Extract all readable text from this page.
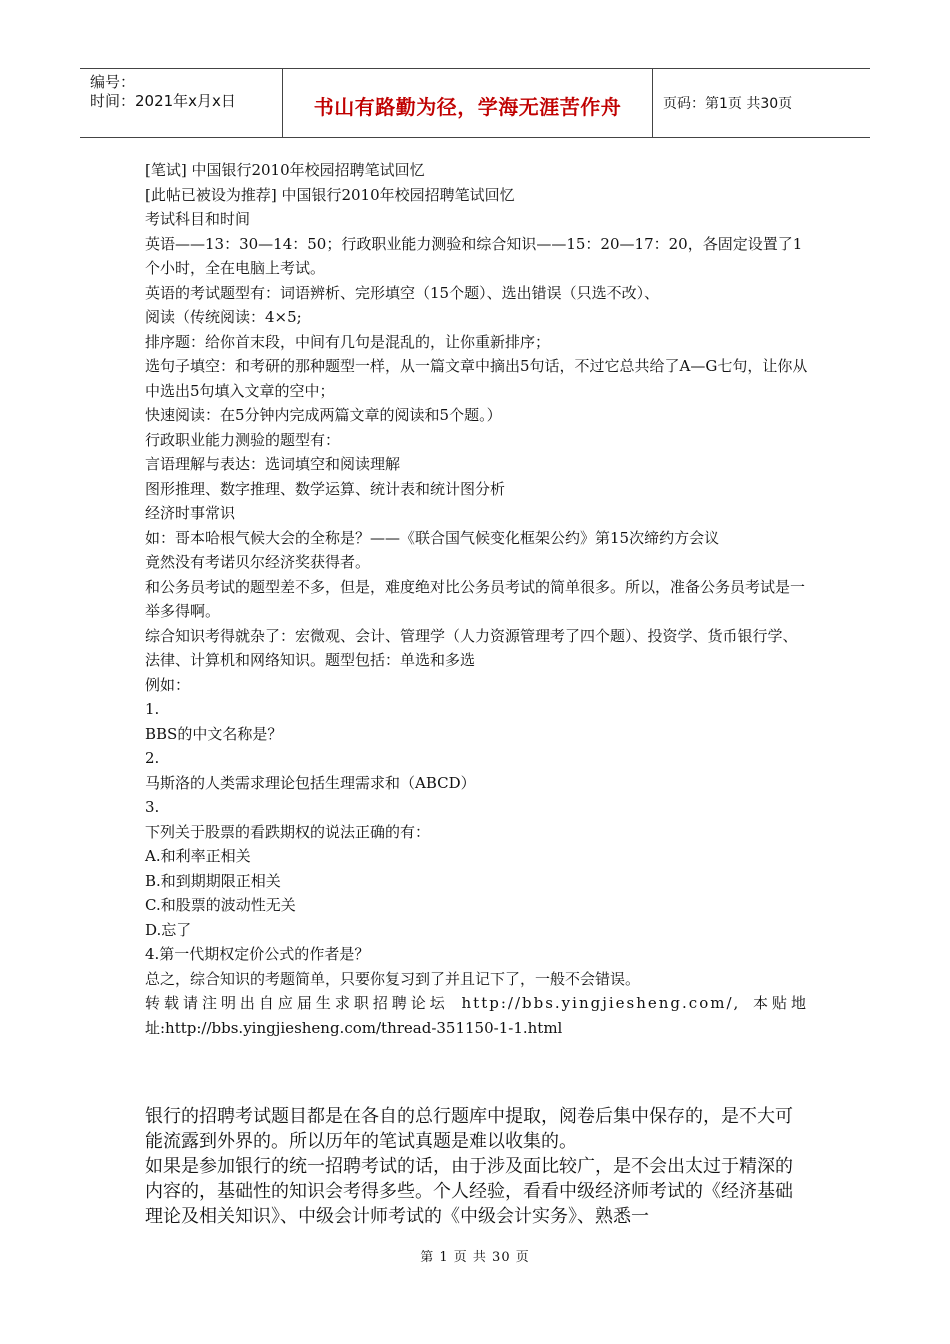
编号：
时间：2021年x月x日	书山有路勤为径，学海无涯苦作舟	页码：第1页 共30页

[笔试] 中国银行2010年校园招聘笔试回忆

[此帖已被设为推荐] 中国银行2010年校园招聘笔试回忆

考试科目和时间

英语——13：30—14：50；行政职业能力测验和综合知识——15：20—17：20，各固定设置了1个小时，全在电脑上考试。

英语的考试题型有：词语辨析、完形填空（15个题）、选出错误（只选不改）、

阅读（传统阅读：4×5;

排序题：给你首末段，中间有几句是混乱的，让你重新排序；

选句子填空：和考研的那种题型一样，从一篇文章中摘出5句话，不过它总共给了A—G七句，让你从中选出5句填入文章的空中；

快速阅读：在5分钟内完成两篇文章的阅读和5个题。）

行政职业能力测验的题型有：

言语理解与表达：选词填空和阅读理解

图形推理、数字推理、数学运算、统计表和统计图分析

经济时事常识

如：哥本哈根气候大会的全称是？——《联合国气候变化框架公约》第15次缔约方会议

竟然没有考诺贝尔经济奖获得者。

和公务员考试的题型差不多，但是，难度绝对比公务员考试的简单很多。所以，准备公务员考试是一举多得啊。

综合知识考得就杂了：宏微观、会计、管理学（人力资源管理考了四个题）、投资学、货币银行学、法律、计算机和网络知识。题型包括：单选和多选

例如：

1.

BBS的中文名称是？

2.

马斯洛的人类需求理论包括生理需求和（ABCD）

3.

下列关于股票的看跌期权的说法正确的有：

A.和利率正相关

B.和到期期限正相关

C.和股票的波动性无关

D.忘了

4.第一代期权定价公式的作者是？

总之，综合知识的考题简单，只要你复习到了并且记下了，一般不会错误。

转载请注明出自应届生求职招聘论坛 http://bbs.yingjiesheng.com/, 本贴地

址:http://bbs.yingjiesheng.com/thread-351150-1-1.html

银行的招聘考试题目都是在各自的总行题库中提取，阅卷后集中保存的，是不大可能流露到外界的。所以历年的笔试真题是难以收集的。

如果是参加银行的统一招聘考试的话，由于涉及面比较广，是不会出太过于精深的内容的，基础性的知识会考得多些。个人经验，看看中级经济师考试的《经济基础理论及相关知识》、中级会计师考试的《中级会计实务》、熟悉一

第 1 页 共 30 页
